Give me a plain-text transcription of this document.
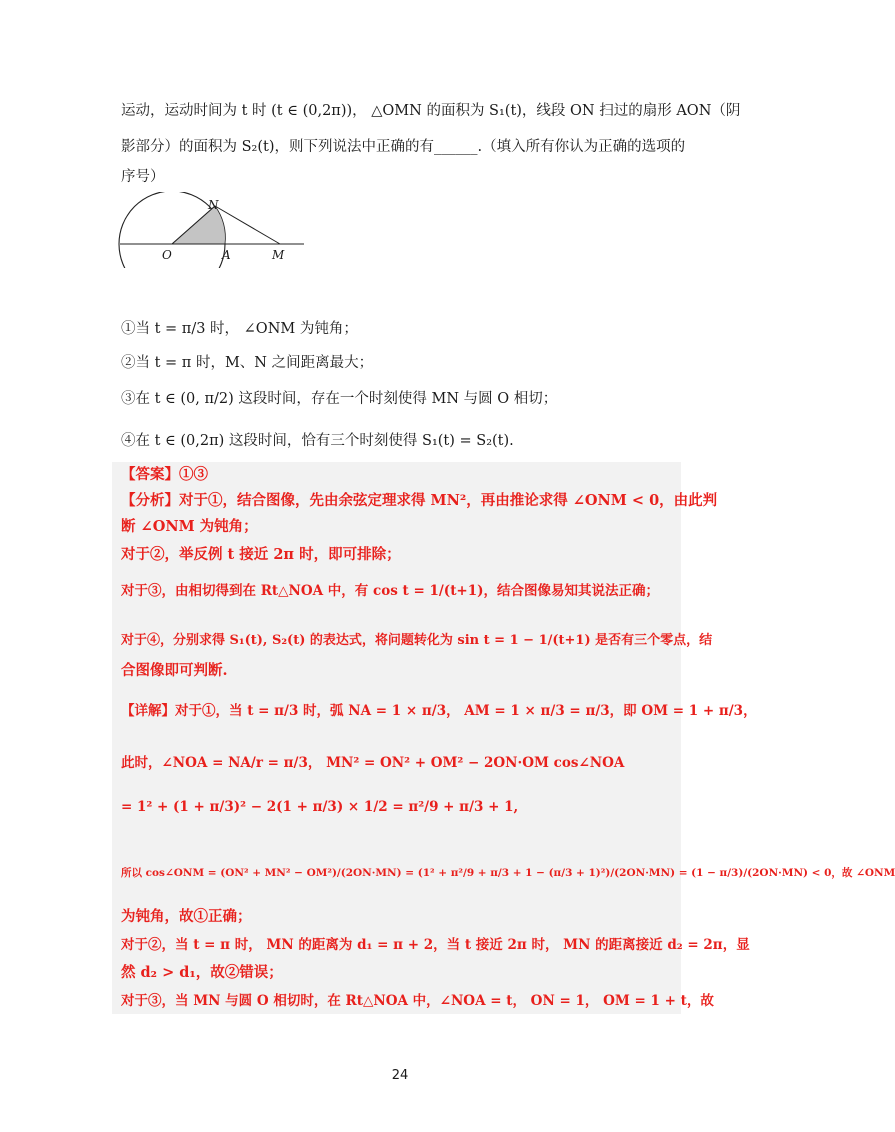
运动，运动时间为 t 时 (t ∈ (0,2π))， △OMN 的面积为 S₁(t)，线段 ON 扫过的扇形 AON（阴
影部分）的面积为 S₂(t)，则下列说法中正确的有______.（填入所有你认为正确的选项的
序号）
N
O	A	M
①当 t = π/3 时， ∠ONM 为钝角；
②当 t = π 时，M、N 之间距离最大；
③在 t ∈ (0, π/2) 这段时间，存在一个时刻使得 MN 与圆 O 相切；
④在 t ∈ (0,2π) 这段时间，恰有三个时刻使得 S₁(t) = S₂(t).
【答案】①③
【分析】对于①，结合图像，先由余弦定理求得 MN²，再由推论求得 ∠ONM < 0，由此判
断 ∠ONM 为钝角；
对于②，举反例 t 接近 2π 时，即可排除；
对于③，由相切得到在 Rt△NOA 中，有 cos t = 1/(t+1)，结合图像易知其说法正确；
对于④，分别求得 S₁(t), S₂(t) 的表达式，将问题转化为 sin t = 1 − 1/(t+1) 是否有三个零点，结
合图像即可判断.
【详解】对于①，当 t = π/3 时，弧 NA = 1 × π/3， AM = 1 × π/3 = π/3，即 OM = 1 + π/3，
此时，∠NOA = NA/r = π/3， MN² = ON² + OM² − 2ON·OM cos∠NOA
= 1² + (1 + π/3)² − 2(1 + π/3) × 1/2 = π²/9 + π/3 + 1,
所以 cos∠ONM = (ON² + MN² − OM²)/(2ON·MN) = (1² + π²/9 + π/3 + 1 − (π/3 + 1)²)/(2ON·MN) = (1 − π/3)/(2ON·MN) < 0，故 ∠ONM
为钝角，故①正确；
对于②，当 t = π 时， MN 的距离为 d₁ = π + 2，当 t 接近 2π 时， MN 的距离接近 d₂ = 2π，显
然 d₂ > d₁，故②错误；
对于③，当 MN 与圆 O 相切时，在 Rt△NOA 中，∠NOA = t， ON = 1， OM = 1 + t，故
24
